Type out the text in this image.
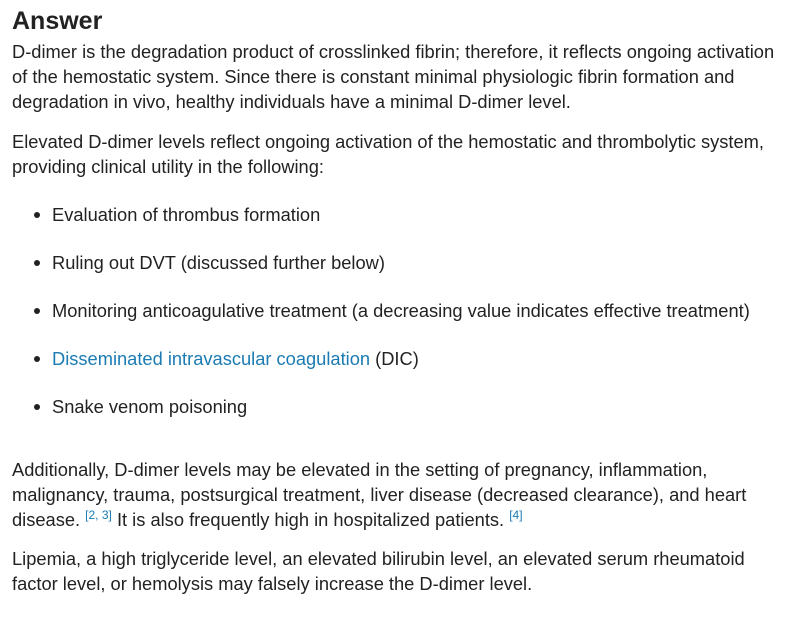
Answer

D-dimer is the degradation product of crosslinked fibrin; therefore, it reflects ongoing activation of the hemostatic system. Since there is constant minimal physiologic fibrin formation and degradation in vivo, healthy individuals have a minimal D-dimer level.

Elevated D-dimer levels reflect ongoing activation of the hemostatic and thrombolytic system, providing clinical utility in the following:

Evaluation of thrombus formation
Ruling out DVT (discussed further below)
Monitoring anticoagulative treatment (a decreasing value indicates effective treatment)
Disseminated intravascular coagulation (DIC)
Snake venom poisoning

Additionally, D-dimer levels may be elevated in the setting of pregnancy, inflammation, malignancy, trauma, postsurgical treatment, liver disease (decreased clearance), and heart disease. [2, 3] It is also frequently high in hospitalized patients. [4]

Lipemia, a high triglyceride level, an elevated bilirubin level, an elevated serum rheumatoid factor level, or hemolysis may falsely increase the D-dimer level.
